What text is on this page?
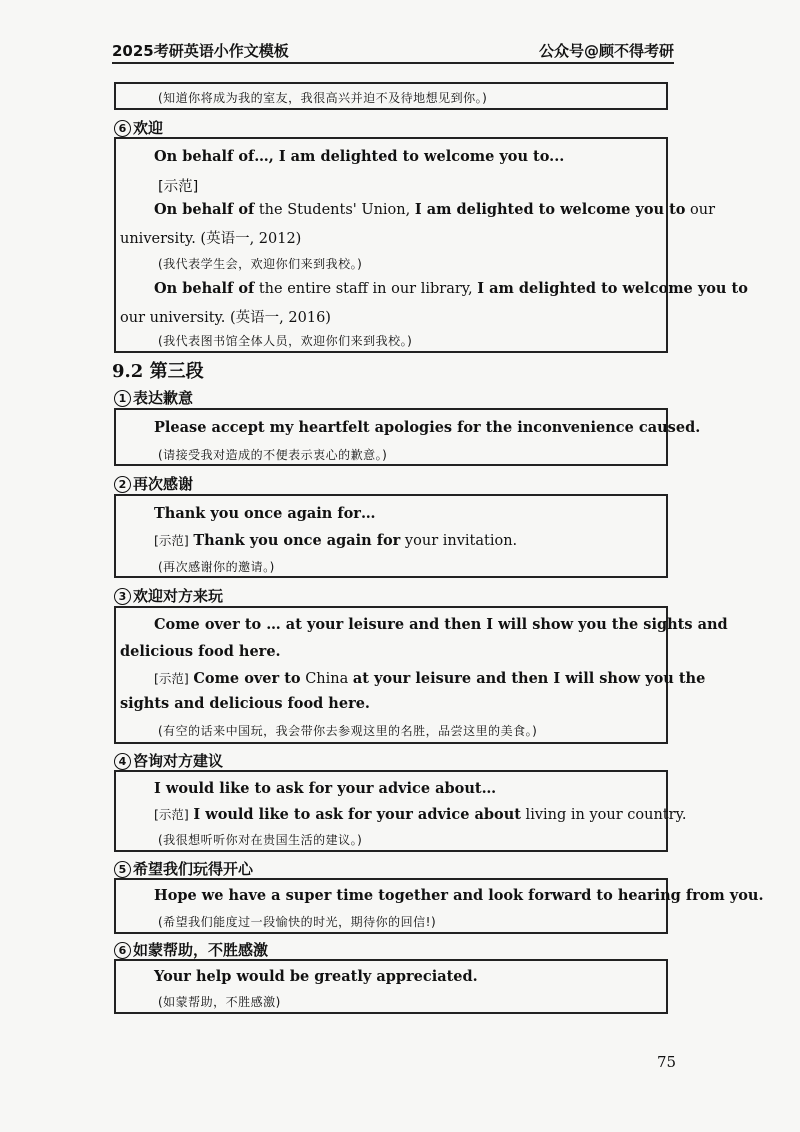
2025考研英语小作文模板	公众号@顾不得考研
(知道你将成为我的室友，我很高兴并迫不及待地想见到你。)
6 欢迎
On behalf of…, I am delighted to welcome you to...
[示范]
On behalf of the Students' Union, I am delighted to welcome you to our
university. (英语一, 2012)
(我代表学生会，欢迎你们来到我校。)
On behalf of the entire staff in our library, I am delighted to welcome you to
our university. (英语一, 2016)
(我代表图书馆全体人员，欢迎你们来到我校。)
9.2 第三段
1 表达歉意
Please accept my heartfelt apologies for the inconvenience caused.
(请接受我对造成的不便表示衷心的歉意。)
2 再次感谢
Thank you once again for…
[示范] Thank you once again for your invitation.
(再次感谢你的邀请。)
3 欢迎对方来玩
Come over to … at your leisure and then I will show you the sights and
delicious food here.
[示范] Come over to China at your leisure and then I will show you the
sights and delicious food here.
(有空的话来中国玩，我会带你去参观这里的名胜，品尝这里的美食。)
4 咨询对方建议
I would like to ask for your advice about…
[示范] I would like to ask for your advice about living in your country.
(我很想听听你对在贵国生活的建议。)
5 希望我们玩得开心
Hope we have a super time together and look forward to hearing from you.
(希望我们能度过一段愉快的时光，期待你的回信!)
6 如蒙帮助，不胜感激
Your help would be greatly appreciated.
(如蒙帮助，不胜感激)
75
